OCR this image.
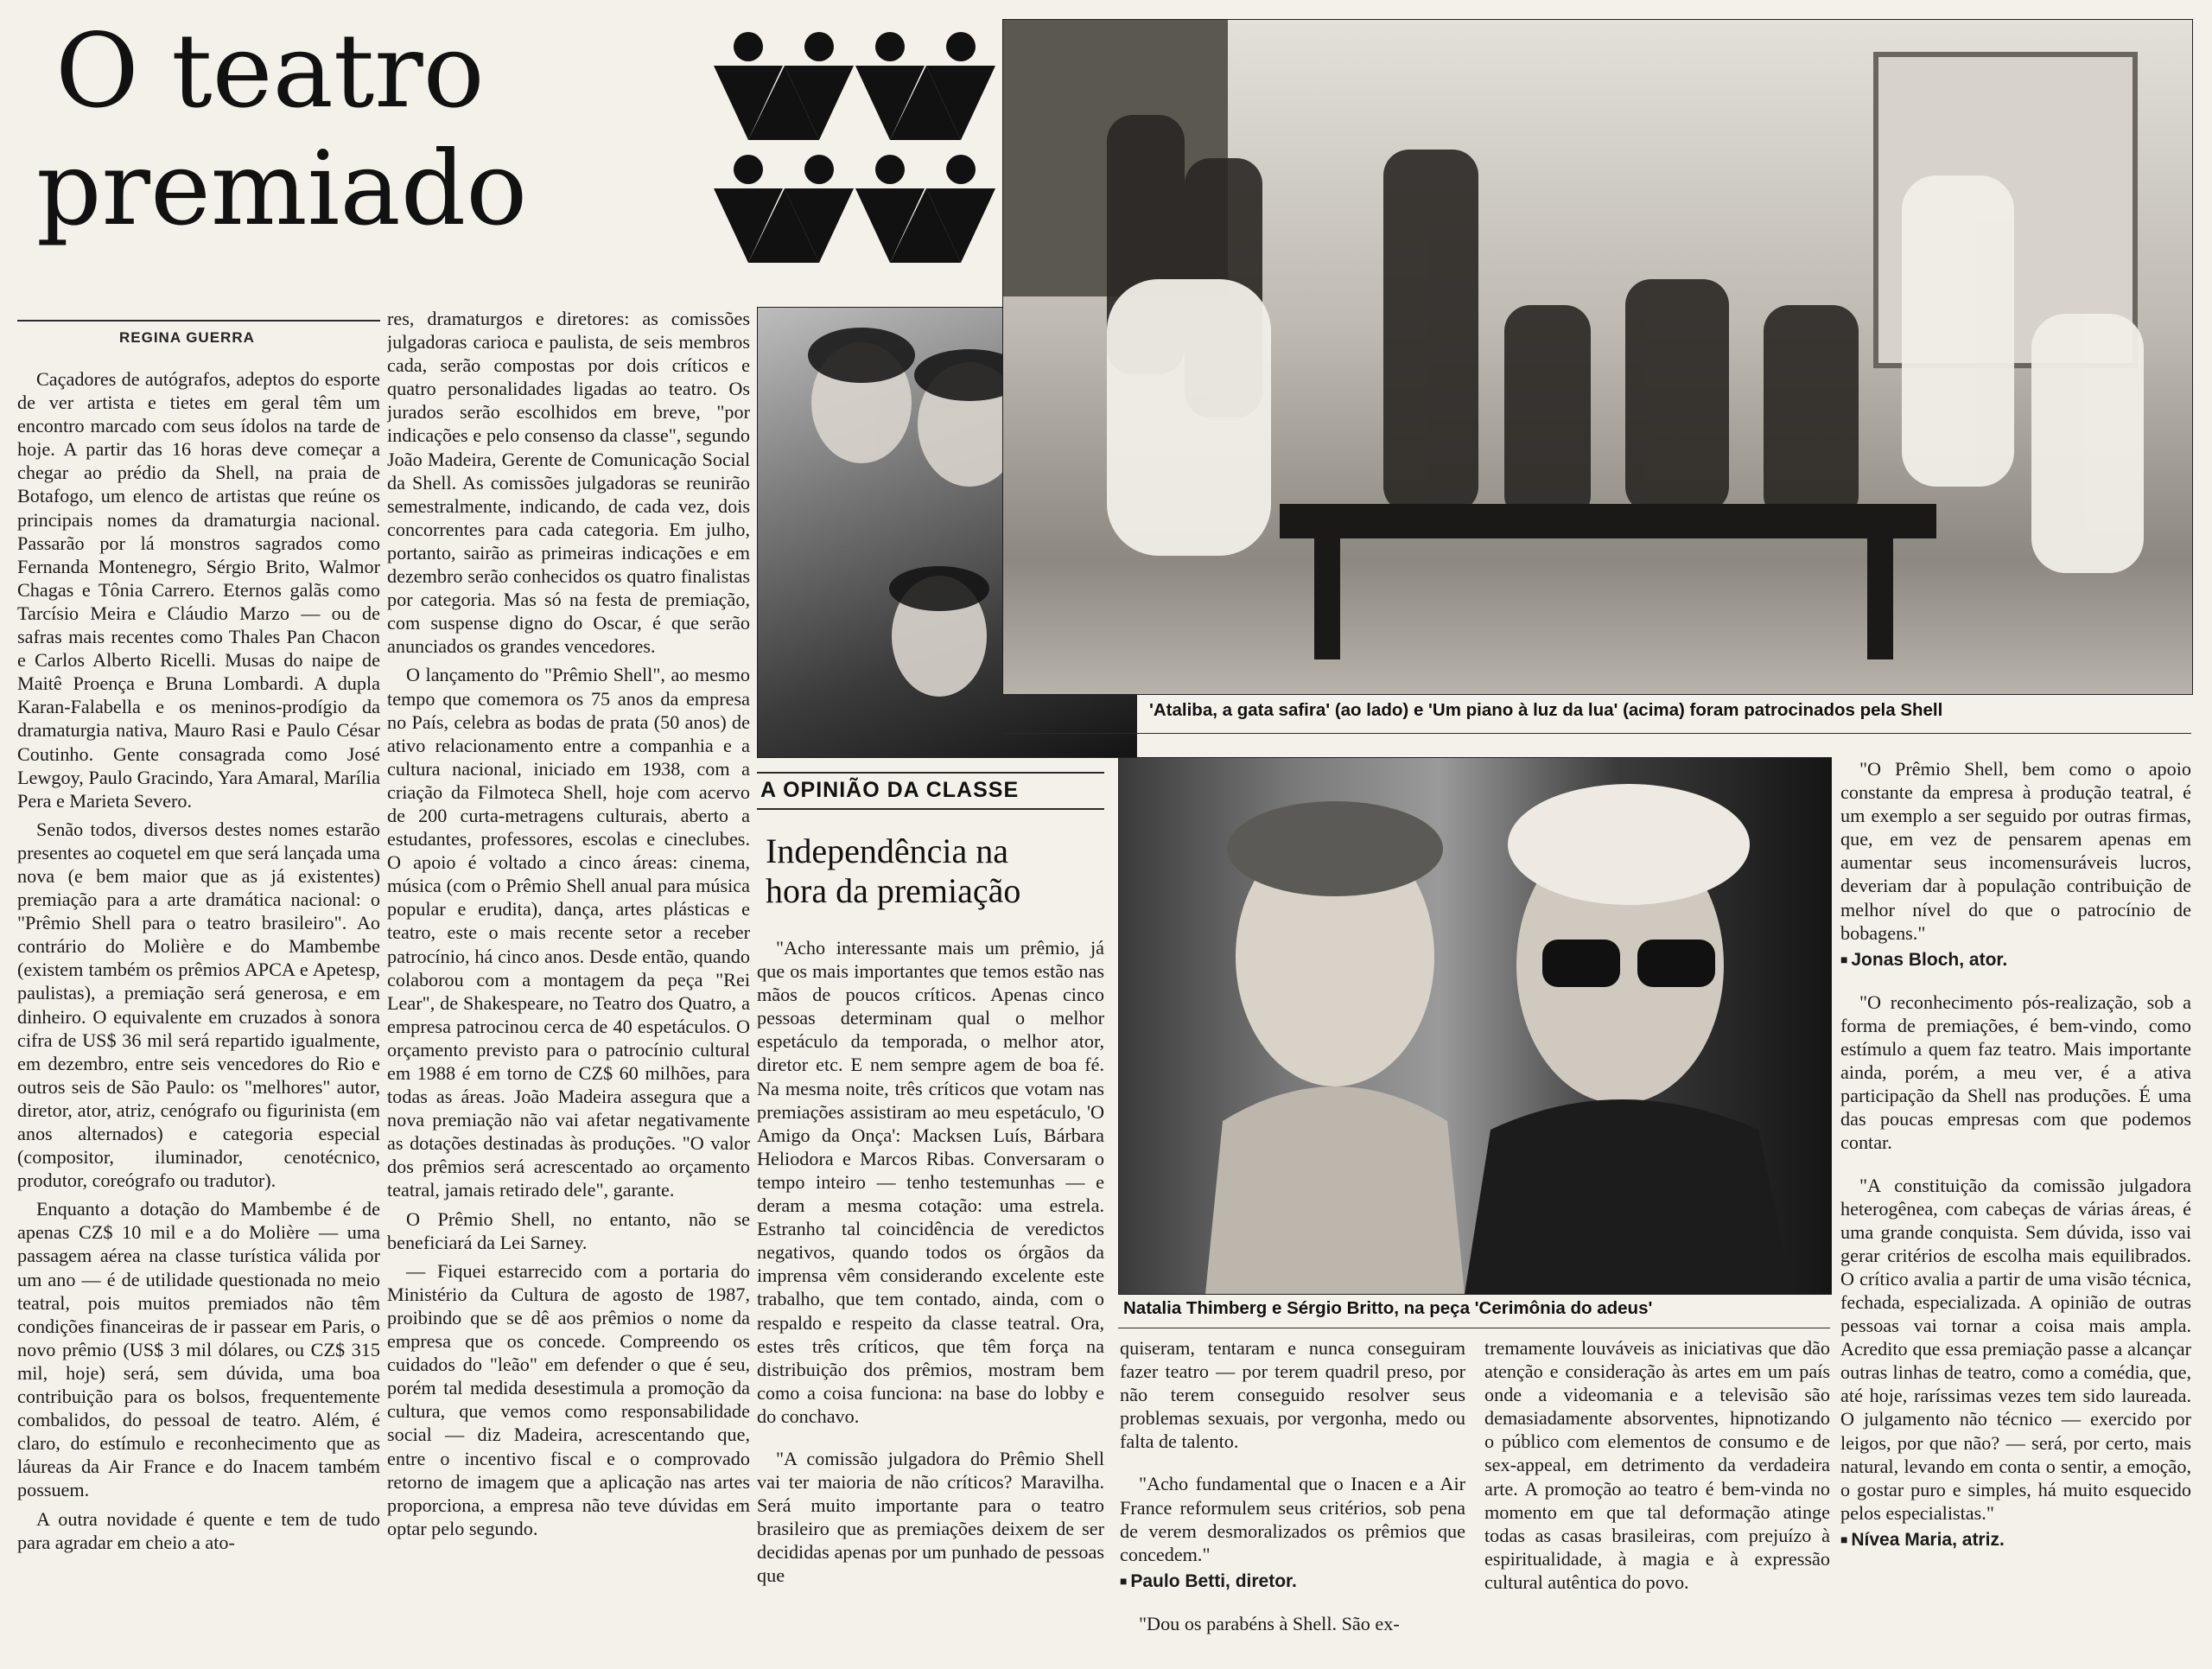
O teatro
premiado
REGINA GUERRA

Caçadores de autógrafos, adeptos do esporte de ver artista e tietes em geral têm um encontro marcado com seus ídolos na tarde de hoje. A partir das 16 horas deve começar a chegar ao prédio da Shell, na praia de Botafogo, um elenco de artistas que reúne os principais nomes da dramaturgia nacional. Passarão por lá monstros sagrados como Fernanda Montenegro, Sérgio Brito, Walmor Chagas e Tônia Carrero. Eternos galãs como Tarcísio Meira e Cláudio Marzo — ou de safras mais recentes como Thales Pan Chacon e Carlos Alberto Ricelli. Musas do naipe de Maitê Proença e Bruna Lombardi. A dupla Karan-Falabella e os meninos-prodígio da dramaturgia nativa, Mauro Rasi e Paulo César Coutinho. Gente consagrada como José Lewgoy, Paulo Gracindo, Yara Amaral, Marília Pera e Marieta Severo.

Senão todos, diversos destes nomes estarão presentes ao coquetel em que será lançada uma nova (e bem maior que as já existentes) premiação para a arte dramática nacional: o "Prêmio Shell para o teatro brasileiro". Ao contrário do Molière e do Mambembe (existem também os prêmios APCA e Apetesp, paulistas), a premiação será generosa, e em dinheiro. O equivalente em cruzados à sonora cifra de US$ 36 mil será repartido igualmente, em dezembro, entre seis vencedores do Rio e outros seis de São Paulo: os "melhores" autor, diretor, ator, atriz, cenógrafo ou figurinista (em anos alternados) e categoria especial (compositor, iluminador, cenotécnico, produtor, coreógrafo ou tradutor).

Enquanto a dotação do Mambembe é de apenas CZ$ 10 mil e a do Molière — uma passagem aérea na classe turística válida por um ano — é de utilidade questionada no meio teatral, pois muitos premiados não têm condições financeiras de ir passear em Paris, o novo prêmio (US$ 3 mil dólares, ou CZ$ 315 mil, hoje) será, sem dúvida, uma boa contribuição para os bolsos, frequentemente combalidos, do pessoal de teatro. Além, é claro, do estímulo e reconhecimento que as láureas da Air France e do Inacem também possuem.

A outra novidade é quente e tem de tudo para agradar em cheio a ato-

res, dramaturgos e diretores: as comissões julgadoras carioca e paulista, de seis membros cada, serão compostas por dois críticos e quatro personalidades ligadas ao teatro. Os jurados serão escolhidos em breve, "por indicações e pelo consenso da classe", segundo João Madeira, Gerente de Comunicação Social da Shell. As comissões julgadoras se reunirão semestralmente, indicando, de cada vez, dois concorrentes para cada categoria. Em julho, portanto, sairão as primeiras indicações e em dezembro serão conhecidos os quatro finalistas por categoria. Mas só na festa de premiação, com suspense digno do Oscar, é que serão anunciados os grandes vencedores.

O lançamento do "Prêmio Shell", ao mesmo tempo que comemora os 75 anos da empresa no País, celebra as bodas de prata (50 anos) de ativo relacionamento entre a companhia e a cultura nacional, iniciado em 1938, com a criação da Filmoteca Shell, hoje com acervo de 200 curta-metragens culturais, aberto a estudantes, professores, escolas e cineclubes. O apoio é voltado a cinco áreas: cinema, música (com o Prêmio Shell anual para música popular e erudita), dança, artes plásticas e teatro, este o mais recente setor a receber patrocínio, há cinco anos. Desde então, quando colaborou com a montagem da peça "Rei Lear", de Shakespeare, no Teatro dos Quatro, a empresa patrocinou cerca de 40 espetáculos. O orçamento previsto para o patrocínio cultural em 1988 é em torno de CZ$ 60 milhões, para todas as áreas. João Madeira assegura que a nova premiação não vai afetar negativamente as dotações destinadas às produções. "O valor dos prêmios será acrescentado ao orçamento teatral, jamais retirado dele", garante.

O Prêmio Shell, no entanto, não se beneficiará da Lei Sarney.

— Fiquei estarrecido com a portaria do Ministério da Cultura de agosto de 1987, proibindo que se dê aos prêmios o nome da empresa que os concede. Compreendo os cuidados do "leão" em defender o que é seu, porém tal medida desestimula a promoção da cultura, que vemos como responsabilidade social — diz Madeira, acrescentando que, entre o incentivo fiscal e o comprovado retorno de imagem que a aplicação nas artes proporciona, a empresa não teve dúvidas em optar pelo segundo.

'Ataliba, a gata safira' (ao lado) e 'Um piano à luz da lua' (acima) foram patrocinados pela Shell
A OPINIÃO DA CLASSE
Independência na
hora da premiação

"Acho interessante mais um prêmio, já que os mais importantes que temos estão nas mãos de poucos críticos. Apenas cinco pessoas determinam qual o melhor espetáculo da temporada, o melhor ator, diretor etc. E nem sempre agem de boa fé. Na mesma noite, três críticos que votam nas premiações assistiram ao meu espetáculo, 'O Amigo da Onça': Macksen Luís, Bárbara Heliodora e Marcos Ribas. Conversaram o tempo inteiro — tenho testemunhas — e deram a mesma cotação: uma estrela. Estranho tal coincidência de veredictos negativos, quando todos os órgãos da imprensa vêm considerando excelente este trabalho, que tem contado, ainda, com o respaldo e respeito da classe teatral. Ora, estes três críticos, que têm força na distribuição dos prêmios, mostram bem como a coisa funciona: na base do lobby e do conchavo.

"A comissão julgadora do Prêmio Shell vai ter maioria de não críticos? Maravilha. Será muito importante para o teatro brasileiro que as premiações deixem de ser decididas apenas por um punhado de pessoas que

Natalia Thimberg e Sérgio Britto, na peça 'Cerimônia do adeus'

quiseram, tentaram e nunca conseguiram fazer teatro — por terem quadril preso, por não terem conseguido resolver seus problemas sexuais, por vergonha, medo ou falta de talento.

"Acho fundamental que o Inacen e a Air France reformulem seus critérios, sob pena de verem desmoralizados os prêmios que concedem."

■ Paulo Betti, diretor.

"Dou os parabéns à Shell. São ex-

tremamente louváveis as iniciativas que dão atenção e consideração às artes em um país onde a videomania e a televisão são demasiadamente absorventes, hipnotizando o público com elementos de consumo e de sex-appeal, em detrimento da verdadeira arte. A promoção ao teatro é bem-vinda no momento em que tal deformação atinge todas as casas brasileiras, com prejuízo à espiritualidade, à magia e à expressão cultural autêntica do povo.

"O Prêmio Shell, bem como o apoio constante da empresa à produção teatral, é um exemplo a ser seguido por outras firmas, que, em vez de pensarem apenas em aumentar seus incomensuráveis lucros, deveriam dar à população contribuição de melhor nível do que o patrocínio de bobagens."

■ Jonas Bloch, ator.

"O reconhecimento pós-realização, sob a forma de premiações, é bem-vindo, como estímulo a quem faz teatro. Mais importante ainda, porém, a meu ver, é a ativa participação da Shell nas produções. É uma das poucas empresas com que podemos contar.

"A constituição da comissão julgadora heterogênea, com cabeças de várias áreas, é uma grande conquista. Sem dúvida, isso vai gerar critérios de escolha mais equilibrados. O crítico avalia a partir de uma visão técnica, fechada, especializada. A opinião de outras pessoas vai tornar a coisa mais ampla. Acredito que essa premiação passe a alcançar outras linhas de teatro, como a comédia, que, até hoje, raríssimas vezes tem sido laureada. O julgamento não técnico — exercido por leigos, por que não? — será, por certo, mais natural, levando em conta o sentir, a emoção, o gostar puro e simples, há muito esquecido pelos especialistas."

■ Nívea Maria, atriz.
